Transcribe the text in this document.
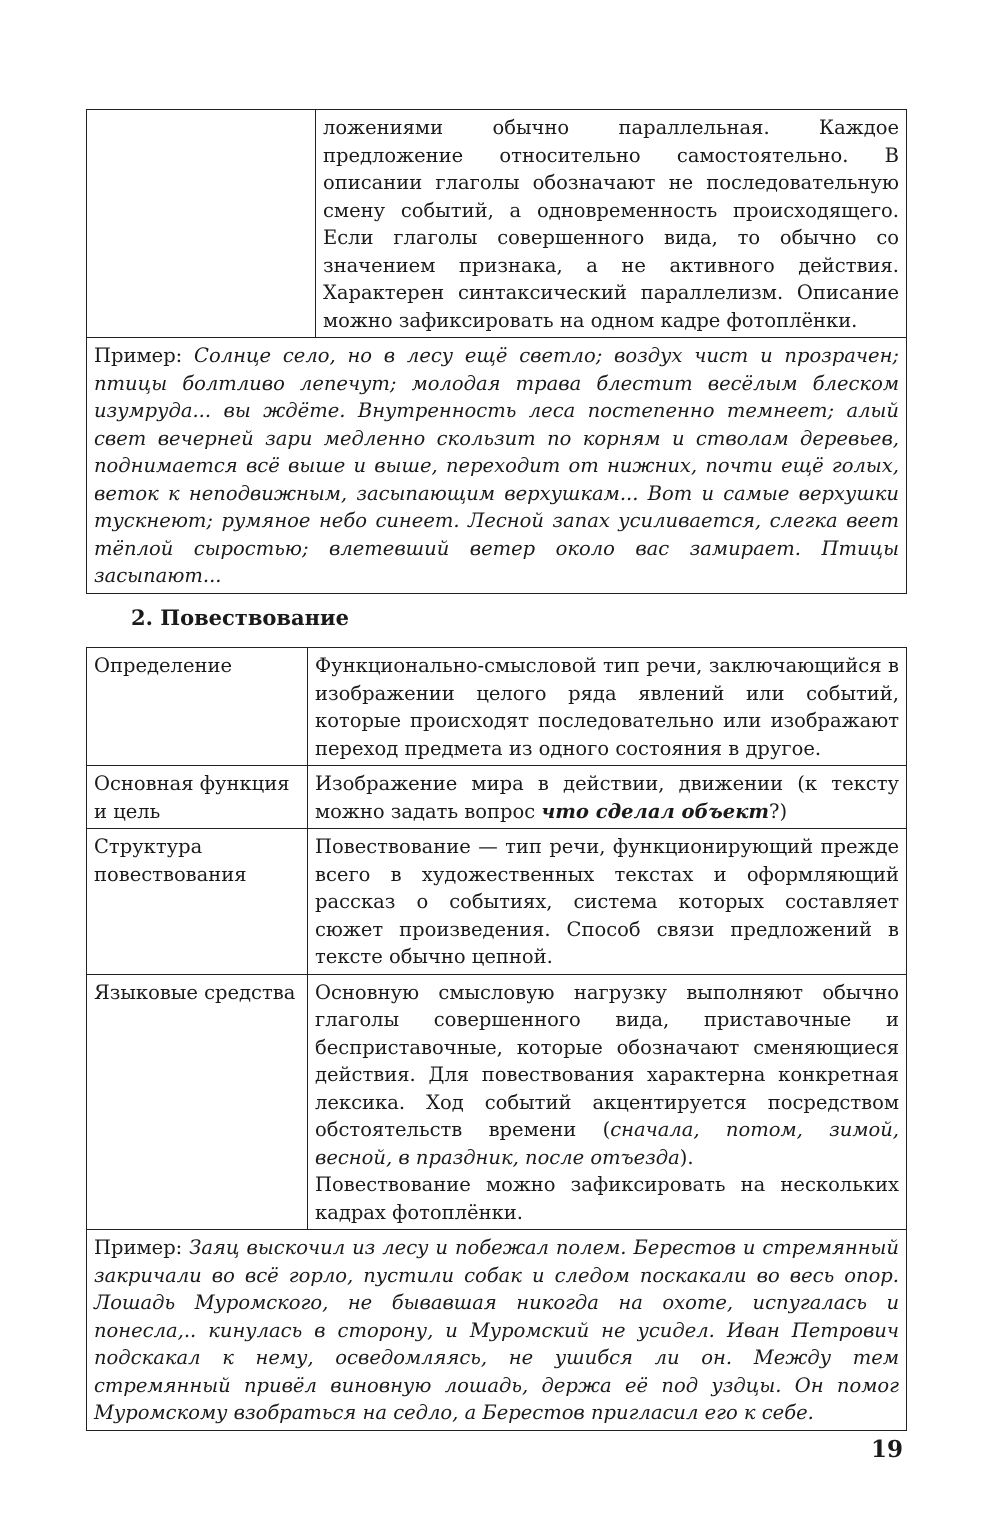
	ложениями обычно параллельная. Каждое предложение относительно самостоятельно. В описании глаголы обозначают не последовательную смену событий, а одновременность происходящего. Если глаголы совершенного вида, то обычно со значением признака, а не активного действия. Характерен синтаксический параллелизм. Описание можно зафиксировать на одном кадре фотоплёнки.
Пример: Солнце село, но в лесу ещё светло; воздух чист и прозрачен; птицы болтливо лепечут; молодая трава блестит весёлым блеском изумруда... вы ждёте. Внутренность леса постепенно темнеет; алый свет вечерней зари медленно скользит по корням и стволам деревьев, поднимается всё выше и выше, переходит от нижних, почти ещё голых, веток к неподвижным, засыпающим верхушкам... Вот и самые верхушки тускнеют; румяное небо синеет. Лесной запах усиливается, слегка веет тёплой сыростью; влетевший ветер около вас замирает. Птицы засыпают...
2. Повествование
Определение	Функционально-смысловой тип речи, заключающийся в изображении целого ряда явлений или событий, которые происходят последовательно или изображают переход предмета из одного состояния в другое.
Основная функция и цель	Изображение мира в действии, движении (к тексту можно задать вопрос что сделал объект?)
Структура повествования	Повествование — тип речи, функционирующий прежде всего в художественных текстах и оформляющий рассказ о событиях, система которых составляет сюжет произведения. Способ связи предложений в тексте обычно цепной.
Языковые средства	Основную смысловую нагрузку выполняют обычно глаголы совершенного вида, приставочные и бесприставочные, которые обозначают сменяющиеся действия. Для повествования характерна конкретная лексика. Ход событий акцентируется посредством обстоятельств времени (сначала, потом, зимой, весной, в праздник, после отъезда).
Повествование можно зафиксировать на нескольких кадрах фотоплёнки.

Пример: Заяц выскочил из лесу и побежал полем. Берестов и стремянный закричали во всё горло, пустили собак и следом поскакали во весь опор. Лошадь Муромского, не бывавшая никогда на охоте, испугалась и понесла,.. кинулась в сторону, и Муромский не усидел. Иван Петрович подскакал к нему, осведомляясь, не ушибся ли он. Между тем стремянный привёл виновную лошадь, держа её под уздцы. Он помог Муромскому взобраться на седло, а Берестов пригласил его к себе.	

19
